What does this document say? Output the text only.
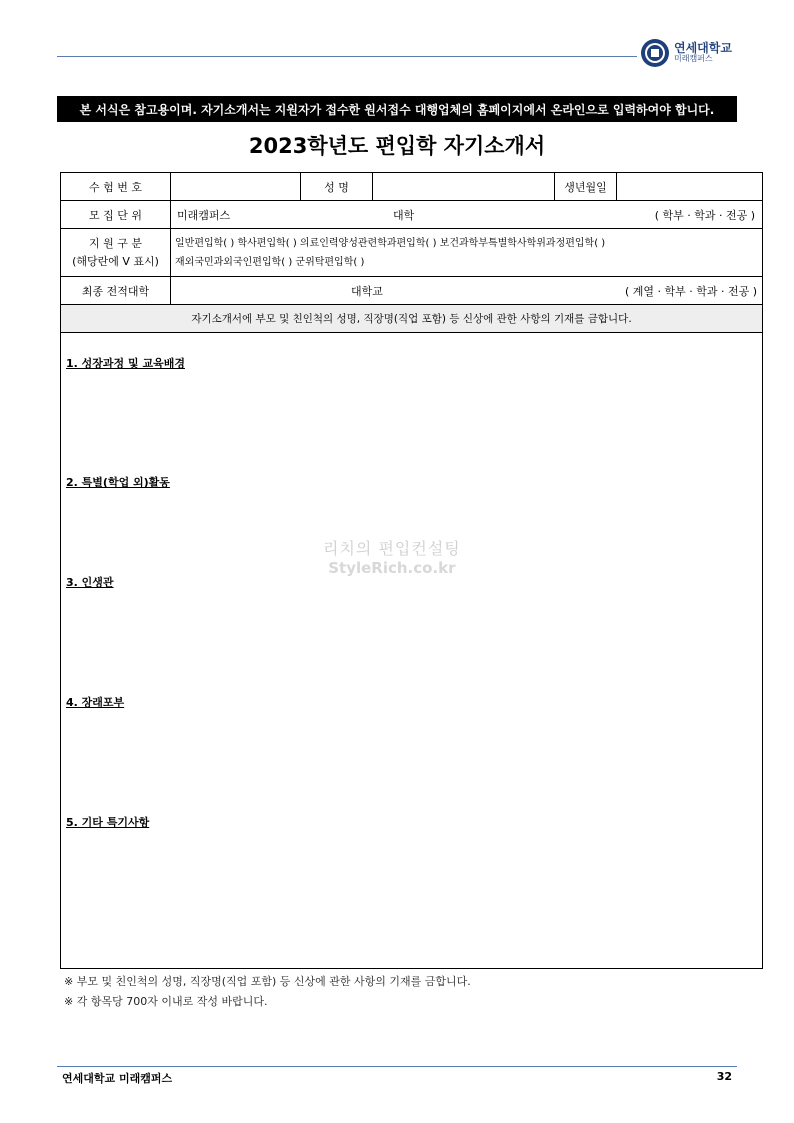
연세대학교
미래캠퍼스
본 서식은 참고용이며. 자기소개서는 지원자가 접수한 원서접수 대행업체의 홈페이지에서 온라인으로 입력하여야 합니다.
2023학년도 편입학 자기소개서
수 험 번 호	성 명	생년월일
모 집 단 위	미래캠퍼스	대학	( 학부 · 학과 · 전공 )
지 원 구 분
(해당란에 V 표시)
일반편입학( ) 학사편입학( ) 의료인력양성관련학과편입학( ) 보건과학부특별학사학위과정편입학( )
재외국민과외국인편입학( ) 군위탁편입학( )
최종 전적대학	대학교	( 계열 · 학부 · 학과 · 전공 )
자기소개서에 부모 및 친인척의 성명, 직장명(직업 포함) 등 신상에 관한 사항의 기재를 금합니다.
1. 성장과정 및 교육배경
2. 특별(학업 외)활동
3. 인생관
4. 장래포부
5. 기타 특기사항
리치의 편입컨설팅
StyleRich.co.kr
※ 부모 및 친인척의 성명, 직장명(직업 포함) 등 신상에 관한 사항의 기재를 금합니다.
※ 각 항목당 700자 이내로 작성 바랍니다.
연세대학교 미래캠퍼스	32
